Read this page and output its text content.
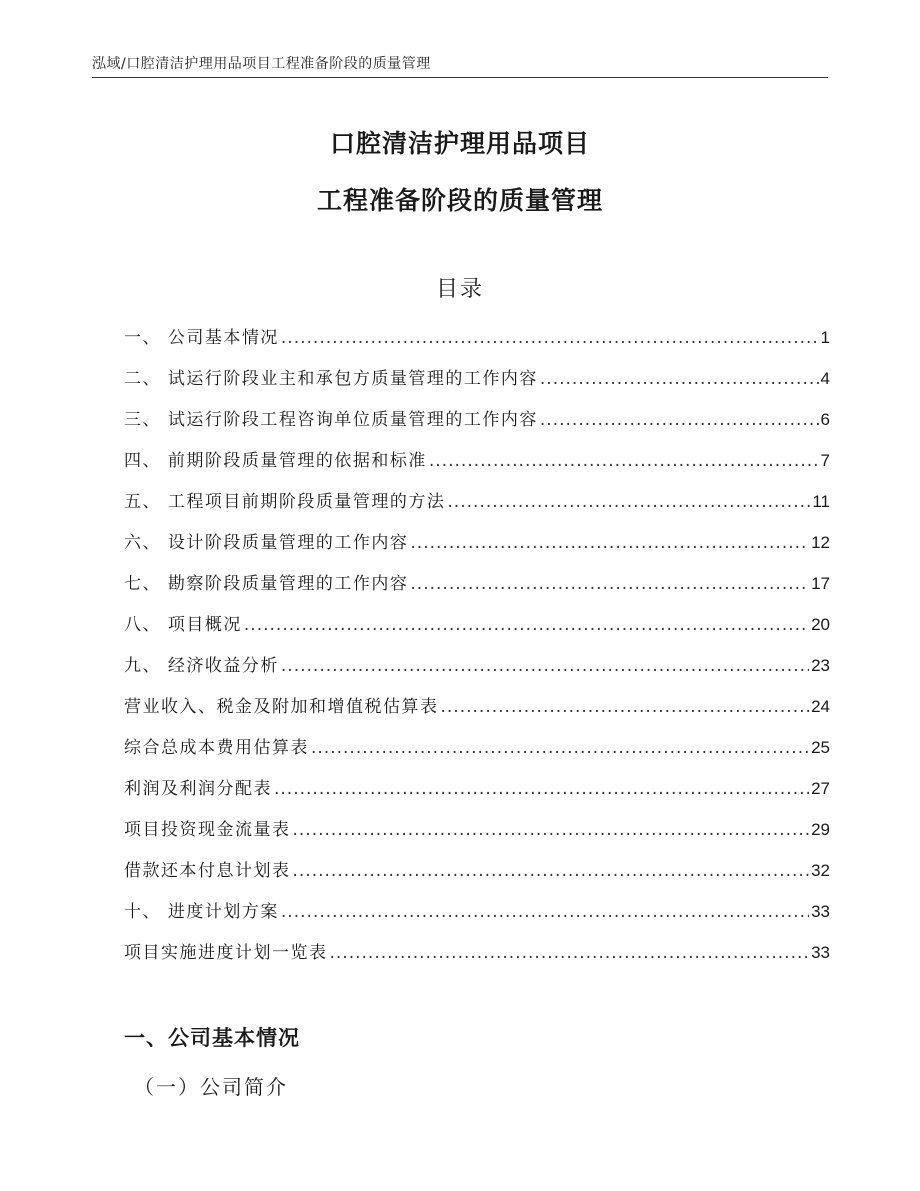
泓域/口腔清洁护理用品项目工程准备阶段的质量管理
口腔清洁护理用品项目
工程准备阶段的质量管理
目录
一、 公司基本情况 .....	1
二、 试运行阶段业主和承包方质量管理的工作内容 .....	4
三、 试运行阶段工程咨询单位质量管理的工作内容 .....	6
四、 前期阶段质量管理的依据和标准 .....	7
五、 工程项目前期阶段质量管理的方法 .....	11
六、 设计阶段质量管理的工作内容 .....	12
七、 勘察阶段质量管理的工作内容 .....	17
八、 项目概况 .....	20
九、 经济收益分析 .....	23
营业收入、税金及附加和增值税估算表 .....	24
综合总成本费用估算表 .....	25
利润及利润分配表 .....	27
项目投资现金流量表 .....	29
借款还本付息计划表 .....	32
十、 进度计划方案 .....	33
项目实施进度计划一览表 .....	33
一、公司基本情况
（一）公司简介
